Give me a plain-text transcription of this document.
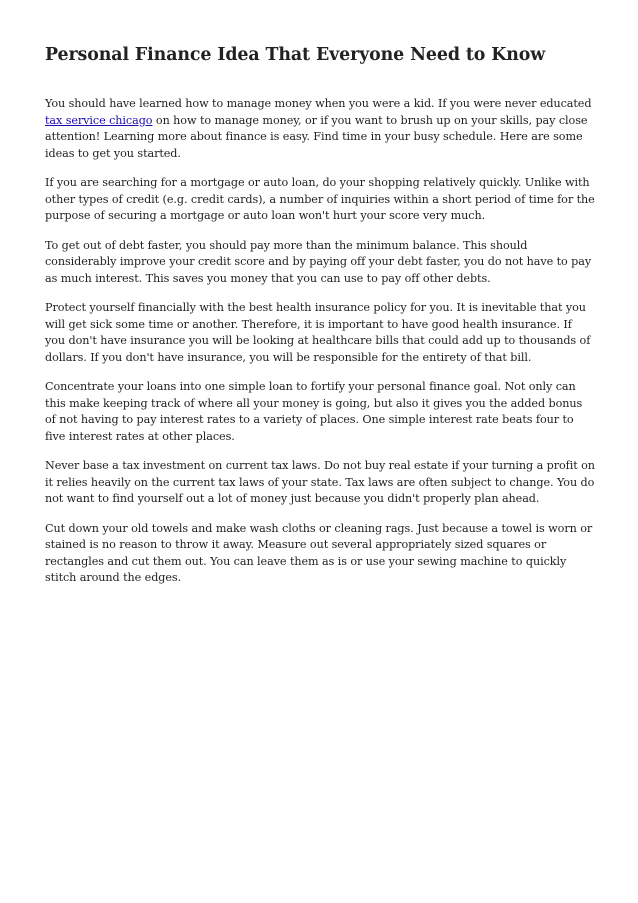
Personal Finance Idea That Everyone Need to Know

You should have learned how to manage money when you were a kid. If you were never educated tax service chicago on how to manage money, or if you want to brush up on your skills, pay close attention! Learning more about finance is easy. Find time in your busy schedule. Here are some ideas to get you started.

If you are searching for a mortgage or auto loan, do your shopping relatively quickly. Unlike with other types of credit (e.g. credit cards), a number of inquiries within a short period of time for the purpose of securing a mortgage or auto loan won't hurt your score very much.

To get out of debt faster, you should pay more than the minimum balance. This should considerably improve your credit score and by paying off your debt faster, you do not have to pay as much interest. This saves you money that you can use to pay off other debts.

Protect yourself financially with the best health insurance policy for you. It is inevitable that you will get sick some time or another. Therefore, it is important to have good health insurance. If you don't have insurance you will be looking at healthcare bills that could add up to thousands of dollars. If you don't have insurance, you will be responsible for the entirety of that bill.

Concentrate your loans into one simple loan to fortify your personal finance goal. Not only can this make keeping track of where all your money is going, but also it gives you the added bonus of not having to pay interest rates to a variety of places. One simple interest rate beats four to five interest rates at other places.

Never base a tax investment on current tax laws. Do not buy real estate if your turning a profit on it relies heavily on the current tax laws of your state. Tax laws are often subject to change. You do not want to find yourself out a lot of money just because you didn't properly plan ahead.

Cut down your old towels and make wash cloths or cleaning rags. Just because a towel is worn or stained is no reason to throw it away. Measure out several appropriately sized squares or rectangles and cut them out. You can leave them as is or use your sewing machine to quickly stitch around the edges.
